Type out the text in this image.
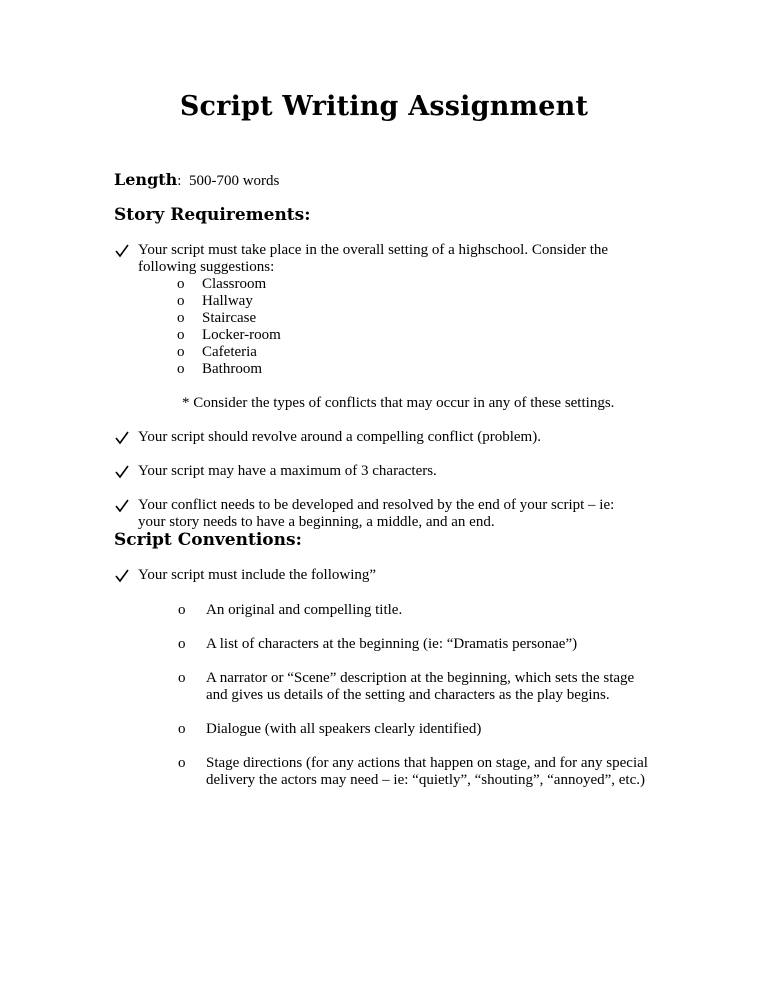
Script Writing Assignment
Length: 500-700 words
Story Requirements:

Your script must take place in the overall setting of a highschool. Consider the

following suggestions:

o Classroom
o Hallway
o Staircase
o Locker-room
o Cafeteria
o Bathroom
* Consider the types of conflicts that may occur in any of these settings.

Your script should revolve around a compelling conflict (problem).

Your script may have a maximum of 3 characters.

Your conflict needs to be developed and resolved by the end of your script – ie:

your story needs to have a beginning, a middle, and an end.

Script Conventions:

Your script must include the following”

o An original and compelling title.

o A list of characters at the beginning (ie: “Dramatis personae”)

o A narrator or “Scene” description at the beginning, which sets the stage

and gives us details of the setting and characters as the play begins.

o Dialogue (with all speakers clearly identified)

o Stage directions (for any actions that happen on stage, and for any special

delivery the actors may need – ie: “quietly”, “shouting”, “annoyed”, etc.)
